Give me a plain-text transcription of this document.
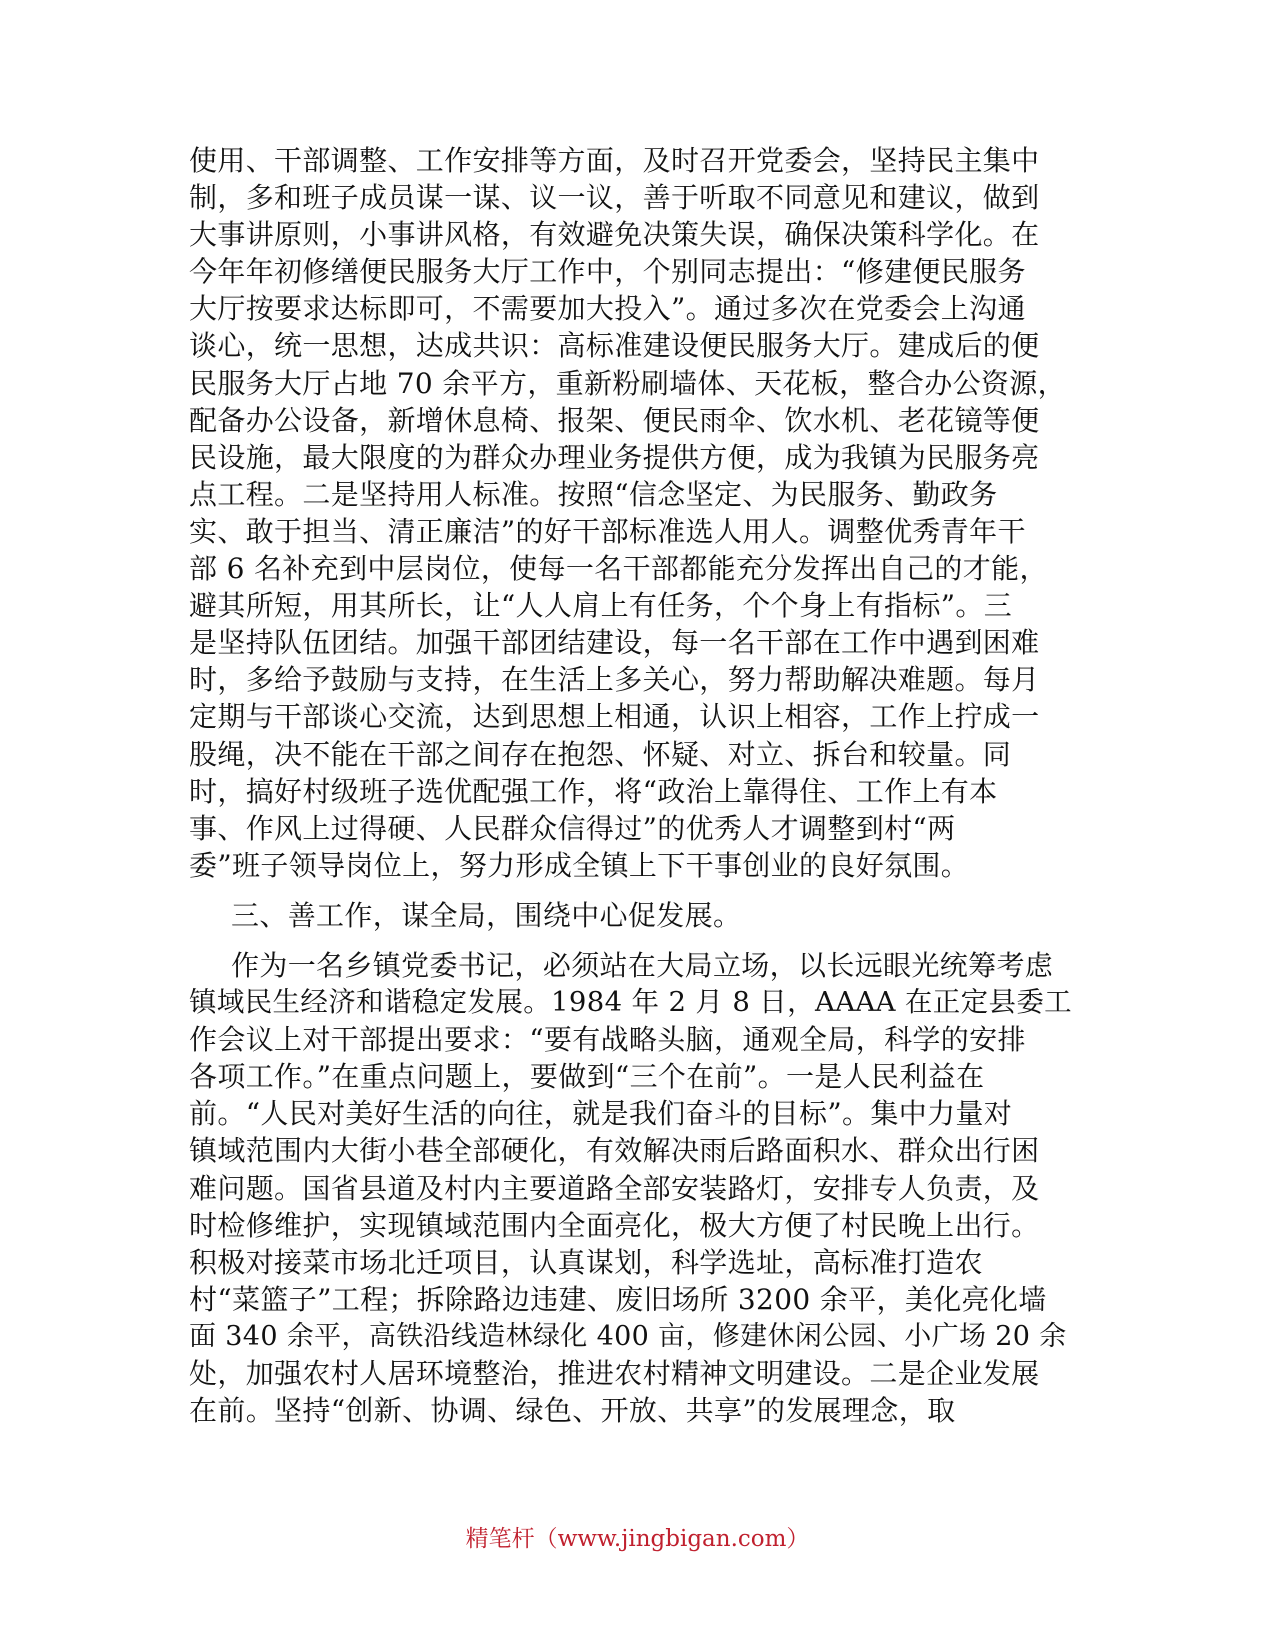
使用、干部调整、工作安排等方面，及时召开党委会，坚持民主集中
制，多和班子成员谋一谋、议一议，善于听取不同意见和建议，做到
大事讲原则，小事讲风格，有效避免决策失误，确保决策科学化。在
今年年初修缮便民服务大厅工作中，个别同志提出：“修建便民服务
大厅按要求达标即可，不需要加大投入”。通过多次在党委会上沟通
谈心，统一思想，达成共识：高标准建设便民服务大厅。建成后的便
民服务大厅占地 70 余平方，重新粉刷墙体、天花板，整合办公资源，
配备办公设备，新增休息椅、报架、便民雨伞、饮水机、老花镜等便
民设施，最大限度的为群众办理业务提供方便，成为我镇为民服务亮
点工程。二是坚持用人标准。按照“信念坚定、为民服务、勤政务
实、敢于担当、清正廉洁”的好干部标准选人用人。调整优秀青年干
部 6 名补充到中层岗位，使每一名干部都能充分发挥出自己的才能，
避其所短，用其所长，让“人人肩上有任务，个个身上有指标”。三
是坚持队伍团结。加强干部团结建设，每一名干部在工作中遇到困难
时，多给予鼓励与支持，在生活上多关心，努力帮助解决难题。每月
定期与干部谈心交流，达到思想上相通，认识上相容，工作上拧成一
股绳，决不能在干部之间存在抱怨、怀疑、对立、拆台和较量。同
时，搞好村级班子选优配强工作，将“政治上靠得住、工作上有本
事、作风上过得硬、人民群众信得过”的优秀人才调整到村“两
委”班子领导岗位上，努力形成全镇上下干事创业的良好氛围。
三、善工作，谋全局，围绕中心促发展。
作为一名乡镇党委书记，必须站在大局立场，以长远眼光统筹考虑
镇域民生经济和谐稳定发展。1984 年 2 月 8 日，AAAA 在正定县委工
作会议上对干部提出要求：“要有战略头脑，通观全局，科学的安排
各项工作。”在重点问题上，要做到“三个在前”。一是人民利益在
前。“人民对美好生活的向往，就是我们奋斗的目标”。集中力量对
镇域范围内大街小巷全部硬化，有效解决雨后路面积水、群众出行困
难问题。国省县道及村内主要道路全部安装路灯，安排专人负责，及
时检修维护，实现镇域范围内全面亮化，极大方便了村民晚上出行。
积极对接菜市场北迁项目，认真谋划，科学选址，高标准打造农
村“菜篮子”工程；拆除路边违建、废旧场所 3200 余平，美化亮化墙
面 340 余平，高铁沿线造林绿化 400 亩，修建休闲公园、小广场 20 余
处，加强农村人居环境整治，推进农村精神文明建设。二是企业发展
在前。坚持“创新、协调、绿色、开放、共享”的发展理念，取
精笔杆（www.jingbigan.com）
